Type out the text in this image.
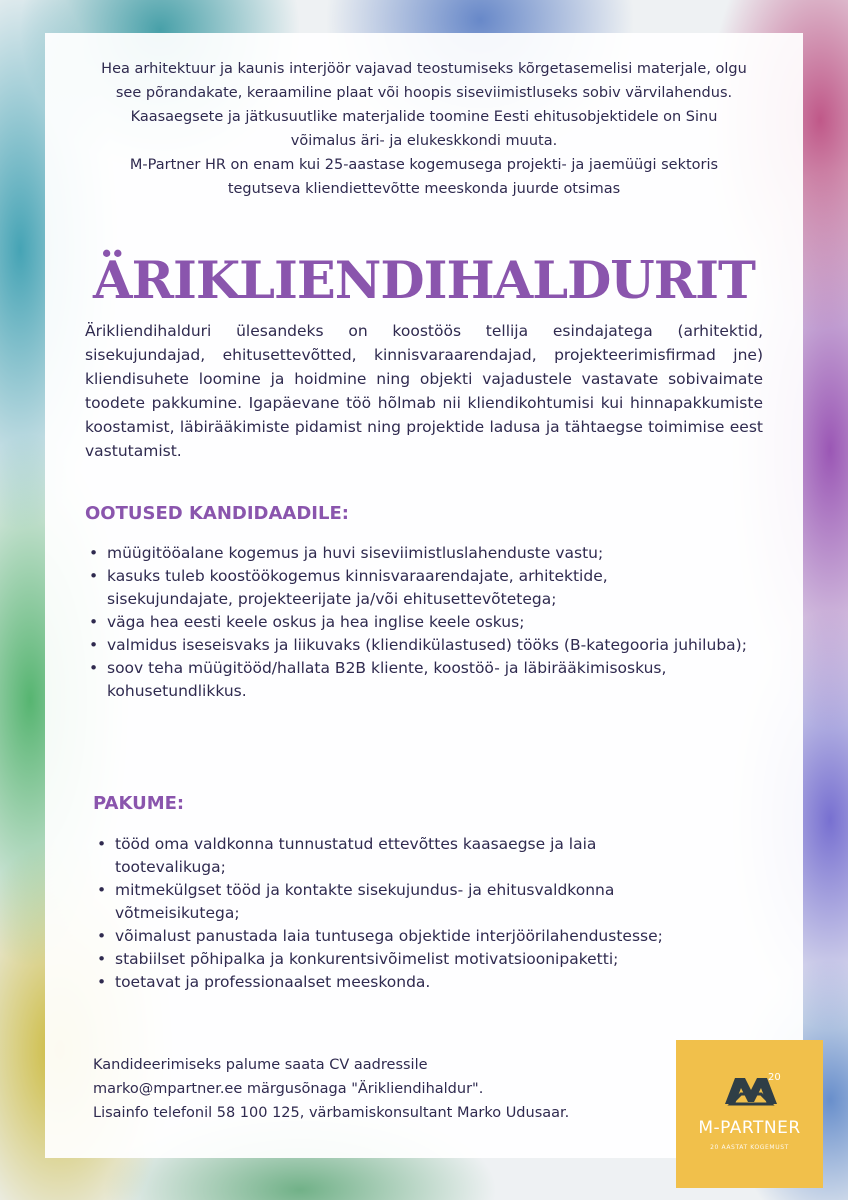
Hea arhitektuur ja kaunis interjöör vajavad teostumiseks kõrgetasemelisi materjale, olgu
see põrandakate, keraamiline plaat või hoopis siseviimistluseks sobiv värvilahendus.
Kaasaegsete ja jätkusuutlike materjalide toomine Eesti ehitusobjektidele on Sinu
võimalus äri- ja elukeskkondi muuta.
M-Partner HR on enam kui 25-aastase kogemusega projekti- ja jaemüügi sektoris
tegutseva kliendiettevõtte meeskonda juurde otsimas
ÄRIKLIENDIHALDURIT

Ärikliendihalduri ülesandeks on koostöös tellija esindajatega (arhitektid, sisekujundajad, ehitusettevõtted, kinnisvaraarendajad, projekteerimisfirmad jne) kliendisuhete loomine ja hoidmine ning objekti vajadustele vastavate sobivaimate toodete pakkumine. Igapäevane töö hõlmab nii kliendikohtumisi kui hinnapakkumiste koostamist, läbirääkimiste pidamist ning projektide ladusa ja tähtaegse toimimise eest vastutamist.

OOTUSED KANDIDAADILE:
• müügitööalane kogemus ja huvi siseviimistluslahenduste vastu;
• kasuks tuleb koostöökogemus kinnisvaraarendajate, arhitektide, sisekujundajate, projekteerijate ja/või ehitusettevõtetega;
• väga hea eesti keele oskus ja hea inglise keele oskus;
• valmidus iseseisvaks ja liikuvaks (kliendikülastused) tööks (B-kategooria juhiluba);
• soov teha müügitööd/hallata B2B kliente, koostöö- ja läbirääkimisoskus, kohusetundlikkus.
PAKUME:
• tööd oma valdkonna tunnustatud ettevõttes kaasaegse ja laia tootevalikuga;
• mitmekülgset tööd ja kontakte sisekujundus- ja ehitusvaldkonna võtmeisikutega;
• võimalust panustada laia tuntusega objektide interjöörilahendustesse;
• stabiilset põhipalka ja konkurentsivõimelist motivatsioonipaketti;
• toetavat ja professionaalset meeskonda.
Kandideerimiseks palume saata CV aadressile
marko@mpartner.ee märgusõnaga "Ärikliendihaldur".
Lisainfo telefonil 58 100 125, värbamiskonsultant Marko Udusaar.
20
M-PARTNER
20 AASTAT KOGEMUST
